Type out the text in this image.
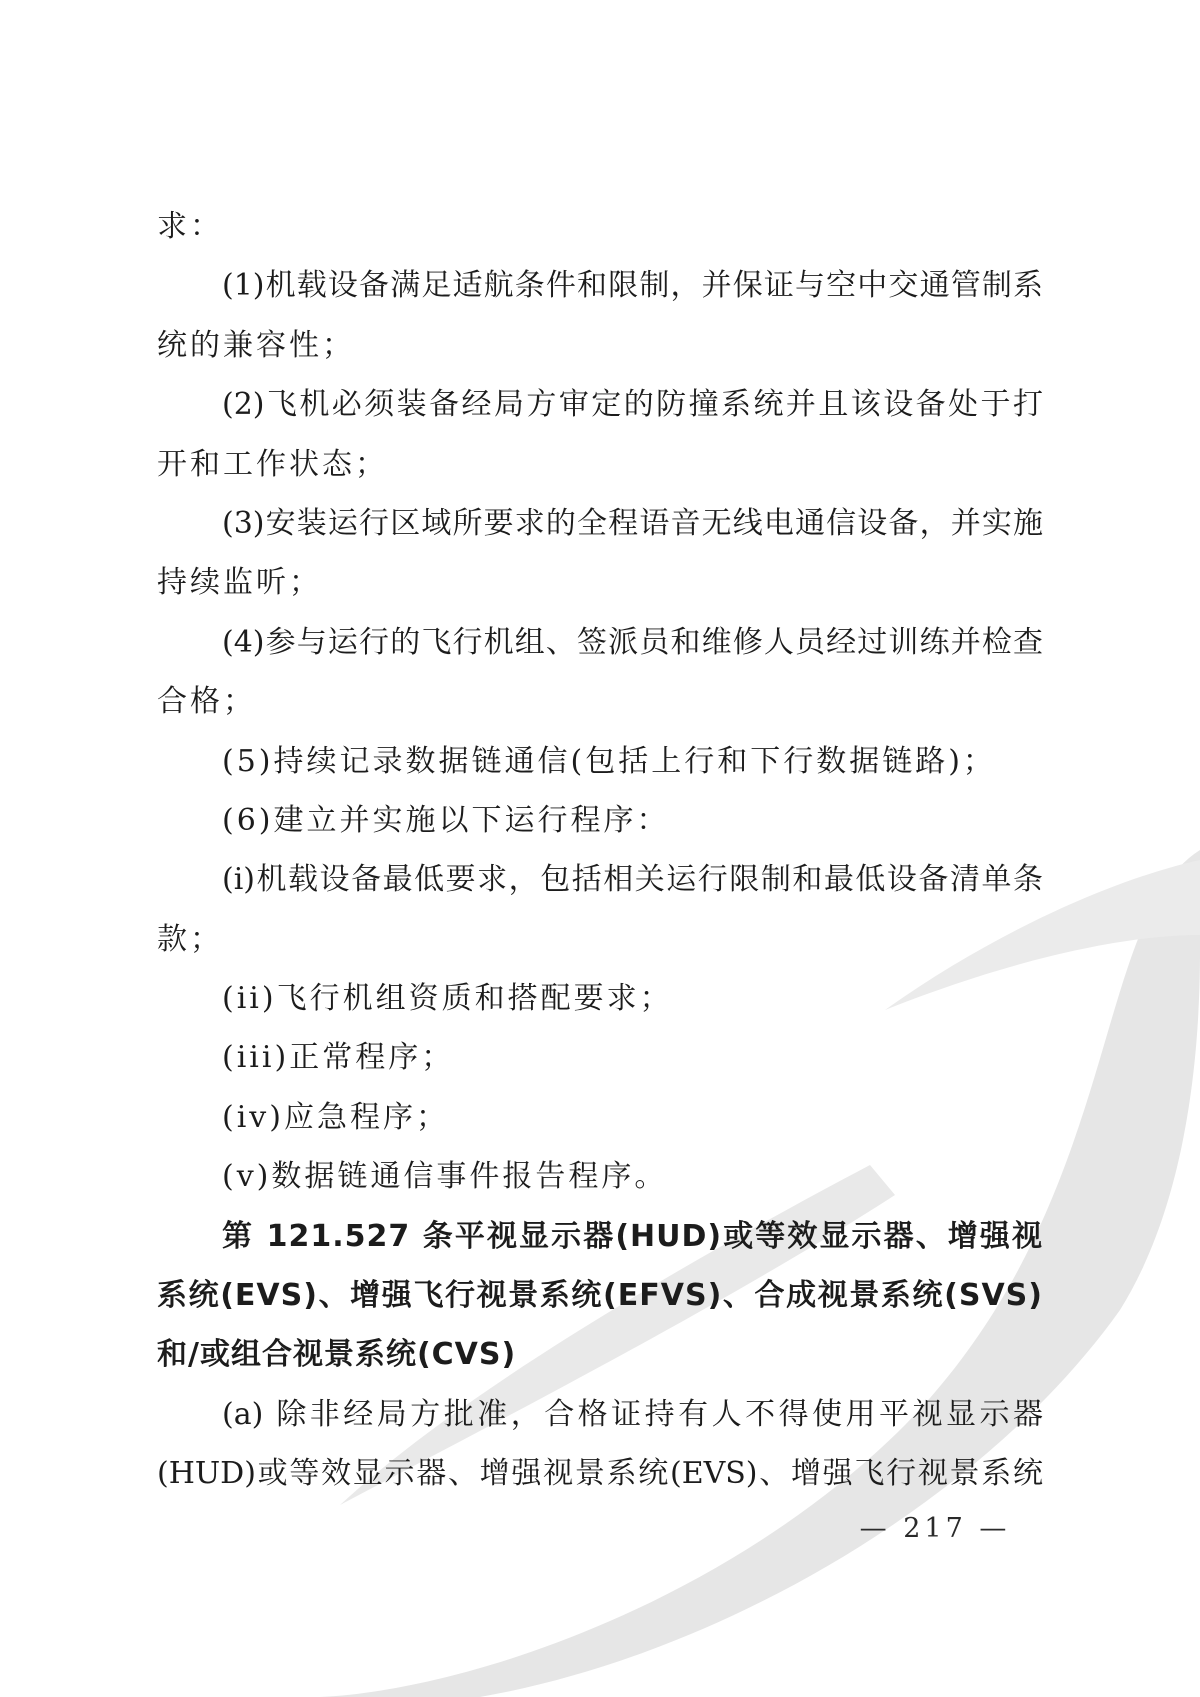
求：
(1)机载设备满足适航条件和限制，并保证与空中交通管制系
统的兼容性；
(2)飞机必须装备经局方审定的防撞系统并且该设备处于打
开和工作状态；
(3)安装运行区域所要求的全程语音无线电通信设备，并实施
持续监听；
(4)参与运行的飞行机组、签派员和维修人员经过训练并检查
合格；
(5)持续记录数据链通信(包括上行和下行数据链路)；
(6)建立并实施以下运行程序：
(i)机载设备最低要求，包括相关运行限制和最低设备清单条
款；
(ii)飞行机组资质和搭配要求；
(iii)正常程序；
(iv)应急程序；
(v)数据链通信事件报告程序。
第 121.527 条平视显示器(HUD)或等效显示器、增强视
系统(EVS)、增强飞行视景系统(EFVS)、合成视景系统(SVS)
和/或组合视景系统(CVS)
(a) 除非经局方批准，合格证持有人不得使用平视显示器
(HUD)或等效显示器、增强视景系统(EVS)、增强飞行视景系统
— 217 —
